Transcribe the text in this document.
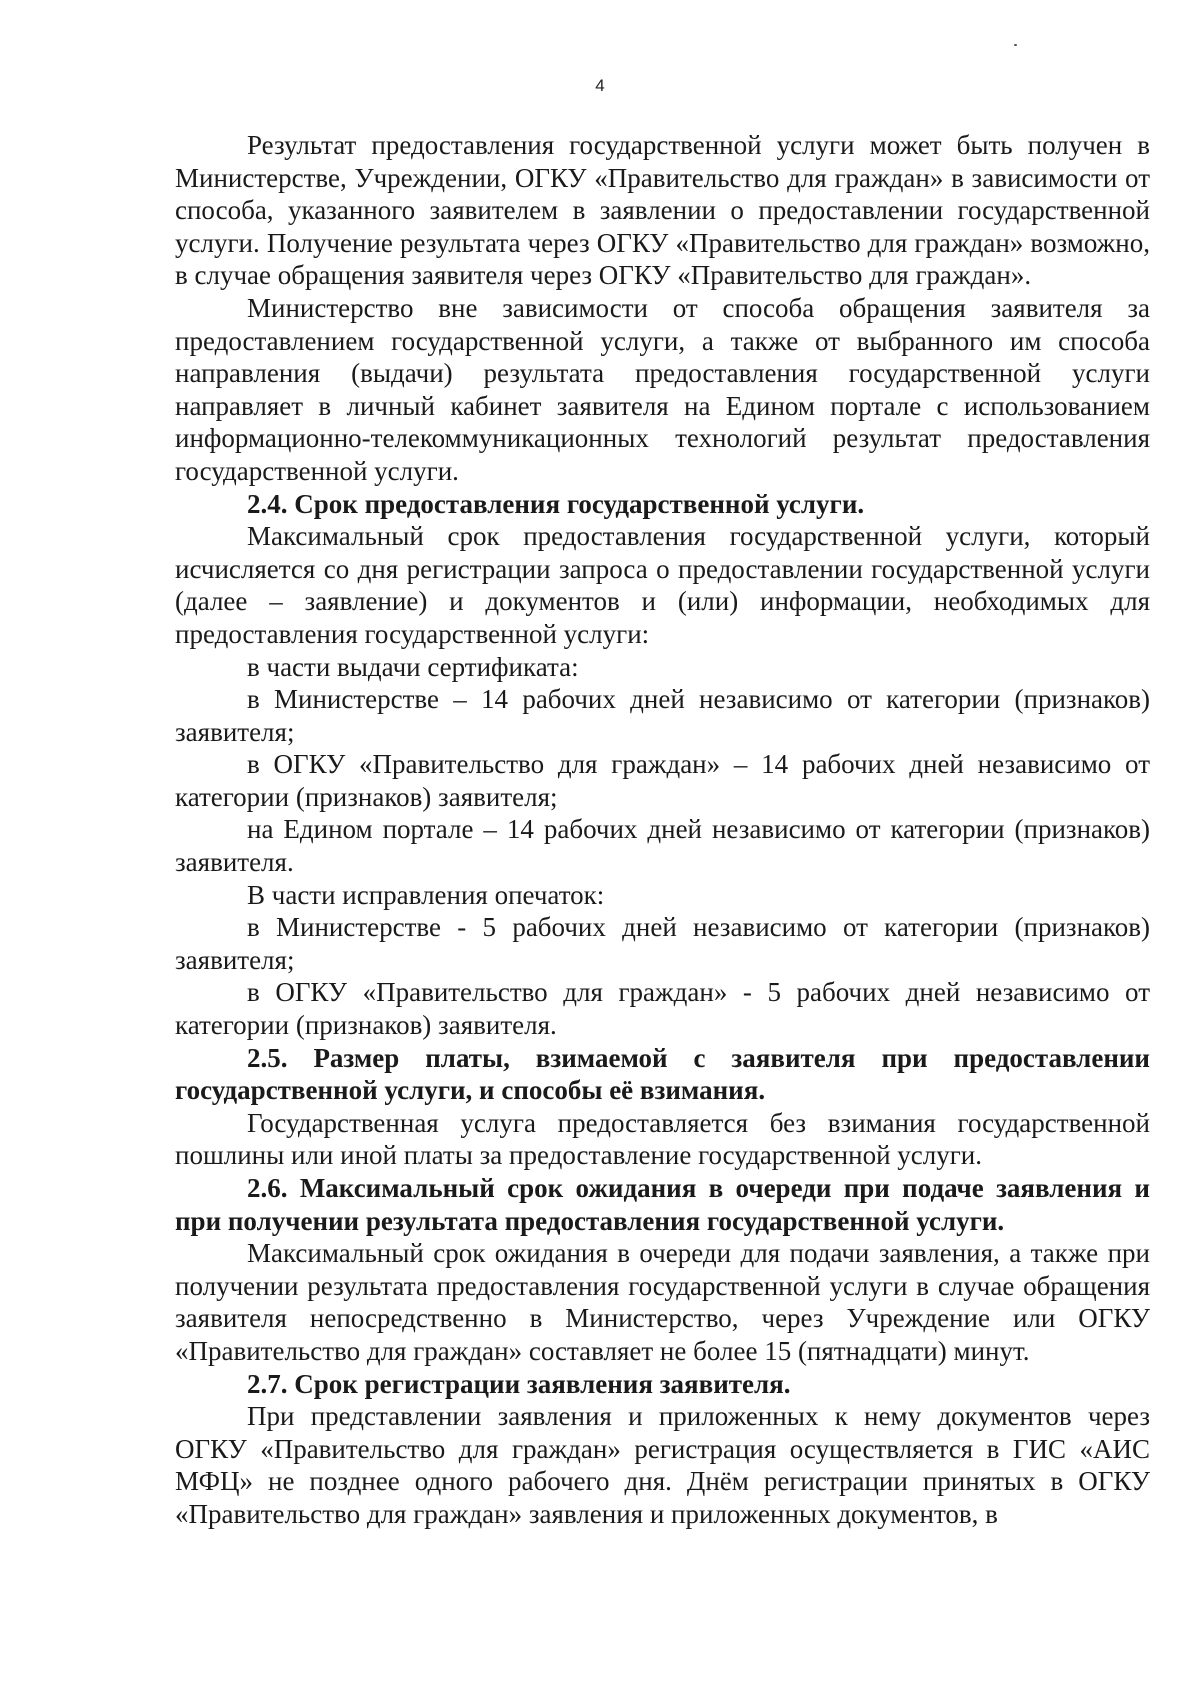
4

Результат предоставления государственной услуги может быть получен в Министерстве, Учреждении, ОГКУ «Правительство для граждан» в зависимости от способа, указанного заявителем в заявлении о предоставлении государственной услуги. Получение результата через ОГКУ «Правительство для граждан» возможно, в случае обращения заявителя через ОГКУ «Правительство для граждан».

Министерство вне зависимости от способа обращения заявителя за предоставлением государственной услуги, а также от выбранного им способа направления (выдачи) результата предоставления государственной услуги направляет в личный кабинет заявителя на Едином портале с использованием информационно-телекоммуникационных технологий результат предоставления государственной услуги.

2.4. Срок предоставления государственной услуги.

Максимальный срок предоставления государственной услуги, который исчисляется со дня регистрации запроса о предоставлении государственной услуги (далее – заявление) и документов и (или) информации, необходимых для предоставления государственной услуги:

в части выдачи сертификата:

в Министерстве – 14 рабочих дней независимо от категории (признаков) заявителя;

в ОГКУ «Правительство для граждан» – 14 рабочих дней независимо от категории (признаков) заявителя;

на Едином портале – 14 рабочих дней независимо от категории (признаков) заявителя.

В части исправления опечаток:

в Министерстве - 5 рабочих дней независимо от категории (признаков) заявителя;

в ОГКУ «Правительство для граждан» - 5 рабочих дней независимо от категории (признаков) заявителя.

2.5. Размер платы, взимаемой с заявителя при предоставлении государственной услуги, и способы её взимания.

Государственная услуга предоставляется без взимания государственной пошлины или иной платы за предоставление государственной услуги.

2.6. Максимальный срок ожидания в очереди при подаче заявления и при получении результата предоставления государственной услуги.

Максимальный срок ожидания в очереди для подачи заявления, а также при получении результата предоставления государственной услуги в случае обращения заявителя непосредственно в Министерство, через Учреждение или ОГКУ «Правительство для граждан» составляет не более 15 (пятнадцати) минут.

2.7. Срок регистрации заявления заявителя.

При представлении заявления и приложенных к нему документов через ОГКУ «Правительство для граждан» регистрация осуществляется в ГИС «АИС МФЦ» не позднее одного рабочего дня. Днём регистрации принятых в ОГКУ «Правительство для граждан» заявления и приложенных документов, в
